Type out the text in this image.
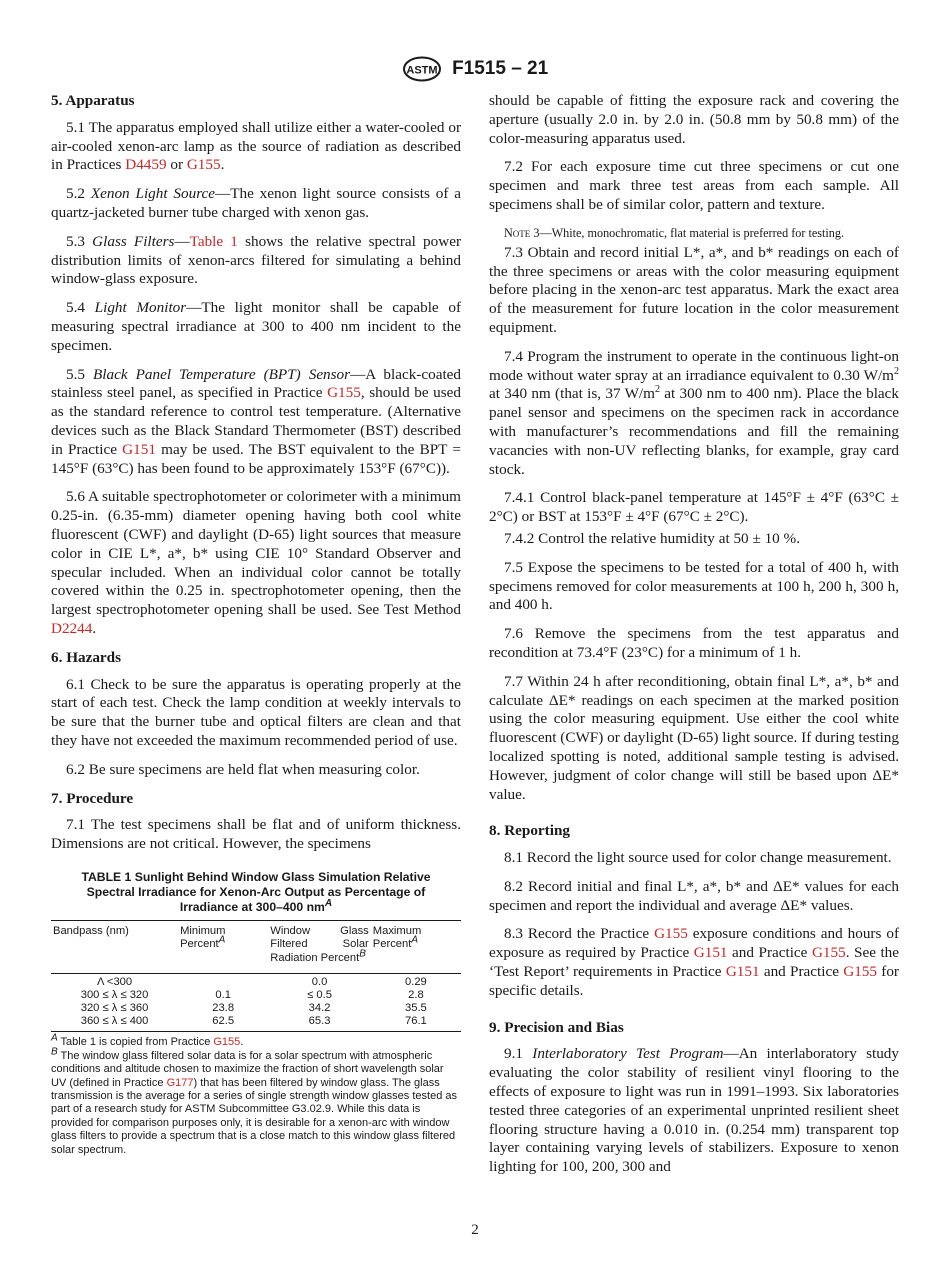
ASTM F1515 – 21
5. Apparatus

5.1 The apparatus employed shall utilize either a water-cooled or air-cooled xenon-arc lamp as the source of radiation as described in Practices D4459 or G155.

5.2 Xenon Light Source—The xenon light source consists of a quartz-jacketed burner tube charged with xenon gas.

5.3 Glass Filters—Table 1 shows the relative spectral power distribution limits of xenon-arcs filtered for simulating a behind window-glass exposure.

5.4 Light Monitor—The light monitor shall be capable of measuring spectral irradiance at 300 to 400 nm incident to the specimen.

5.5 Black Panel Temperature (BPT) Sensor—A black-coated stainless steel panel, as specified in Practice G155, should be used as the standard reference to control test temperature. (Alternative devices such as the Black Standard Thermometer (BST) described in Practice G151 may be used. The BST equivalent to the BPT = 145°F (63°C) has been found to be approximately 153°F (67°C)).

5.6 A suitable spectrophotometer or colorimeter with a minimum 0.25-in. (6.35-mm) diameter opening having both cool white fluorescent (CWF) and daylight (D-65) light sources that measure color in CIE L*, a*, b* using CIE 10° Standard Observer and specular included. When an individual color cannot be totally covered within the 0.25 in. spectrophotometer opening, then the largest spectrophotometer opening shall be used. See Test Method D2244.

6. Hazards

6.1 Check to be sure the apparatus is operating properly at the start of each test. Check the lamp condition at weekly intervals to be sure that the burner tube and optical filters are clean and that they have not exceeded the maximum recommended period of use.

6.2 Be sure specimens are held flat when measuring color.

7. Procedure

7.1 The test specimens shall be flat and of uniform thickness. Dimensions are not critical. However, the specimens

TABLE 1 Sunlight Behind Window Glass Simulation Relative Spectral Irradiance for Xenon-Arc Output as Percentage of Irradiance at 300–400 $nm^A$
Bandpass (nm)	Minimum Percent$^A$	Window Glass Filtered Solar Radiation Percent$^B$	Maximum Percent$^A$
Λ <300		0.0	0.29
300 ≤ λ ≤ 320	0.1	≤ 0.5	2.8
320 ≤ λ ≤ 360	23.8	34.2	35.5
360 ≤ λ ≤ 400	62.5	65.3	76.1

$^A$ Table 1 is copied from Practice G155.

$^B$ The window glass filtered solar data is for a solar spectrum with atmospheric conditions and altitude chosen to maximize the fraction of short wavelength solar UV (defined in Practice G177) that has been filtered by window glass. The glass transmission is the average for a series of single strength window glasses tested as part of a research study for ASTM Subcommittee G3.02.9. While this data is provided for comparison purposes only, it is desirable for a xenon-arc with window glass filters to provide a spectrum that is a close match to this window glass filtered solar spectrum.

should be capable of fitting the exposure rack and covering the aperture (usually 2.0 in. by 2.0 in. (50.8 mm by 50.8 mm) of the color-measuring apparatus used.

7.2 For each exposure time cut three specimens or cut one specimen and mark three test areas from each sample. All specimens shall be of similar color, pattern and texture.

Note 3—White, monochromatic, flat material is preferred for testing.

7.3 Obtain and record initial L*, a*, and b* readings on each of the three specimens or areas with the color measuring equipment before placing in the xenon-arc test apparatus. Mark the exact area of the measurement for future location in the color measurement equipment.

7.4 Program the instrument to operate in the continuous light-on mode without water spray at an irradiance equivalent to 0.30 $W/m^2$ at 340 nm (that is, 37 $W/m^2$ at 300 nm to 400 nm). Place the black panel sensor and specimens on the specimen rack in accordance with manufacturer’s recommendations and fill the remaining vacancies with non-UV reflecting blanks, for example, gray card stock.

7.4.1 Control black-panel temperature at 145°F ± 4°F (63°C ± 2°C) or BST at 153°F ± 4°F (67°C ± 2°C).

7.4.2 Control the relative humidity at 50 ± 10 %.

7.5 Expose the specimens to be tested for a total of 400 h, with specimens removed for color measurements at 100 h, 200 h, 300 h, and 400 h.

7.6 Remove the specimens from the test apparatus and recondition at 73.4°F (23°C) for a minimum of 1 h.

7.7 Within 24 h after reconditioning, obtain final L*, a*, b* and calculate ΔE* readings on each specimen at the marked position using the color measuring equipment. Use either the cool white fluorescent (CWF) or daylight (D-65) light source. If during testing localized spotting is noted, additional sample testing is advised. However, judgment of color change will still be based upon ΔE* value.

8. Reporting

8.1 Record the light source used for color change measurement.

8.2 Record initial and final L*, a*, b* and ΔE* values for each specimen and report the individual and average ΔE* values.

8.3 Record the Practice G155 exposure conditions and hours of exposure as required by Practice G151 and Practice G155. See the ‘Test Report’ requirements in Practice G151 and Practice G155 for specific details.

9. Precision and Bias

9.1 Interlaboratory Test Program—An interlaboratory study evaluating the color stability of resilient vinyl flooring to the effects of exposure to light was run in 1991–1993. Six laboratories tested three categories of an experimental unprinted resilient sheet flooring structure having a 0.010 in. (0.254 mm) transparent top layer containing varying levels of stabilizers. Exposure to xenon lighting for 100, 200, 300 and

2
